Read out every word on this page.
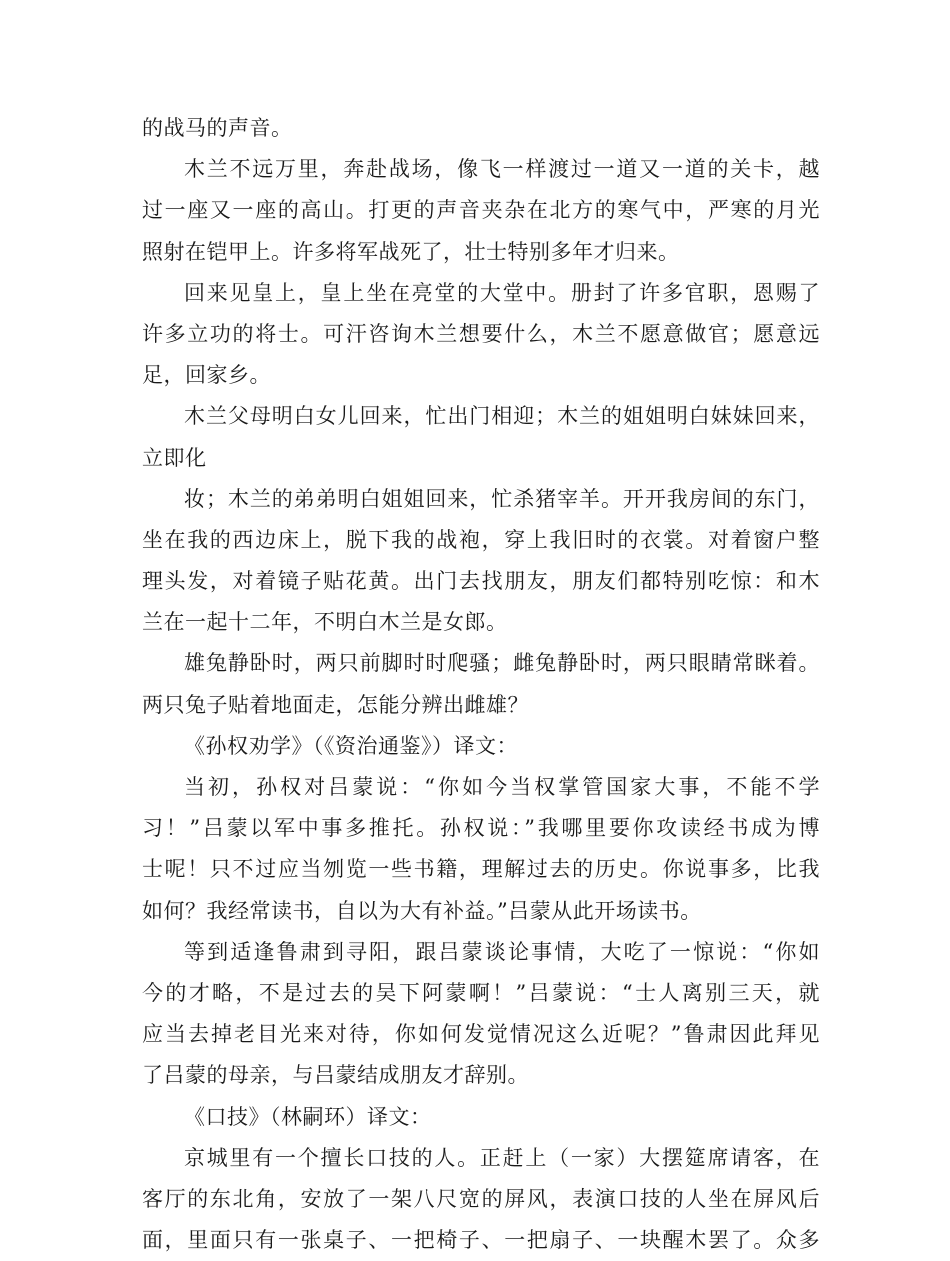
的战马的声音。
木兰不远万里，奔赴战场，像飞一样渡过一道又一道的关卡，越
过一座又一座的高山。打更的声音夹杂在北方的寒气中，严寒的月光
照射在铠甲上。许多将军战死了，壮士特别多年才归来。
回来见皇上，皇上坐在亮堂的大堂中。册封了许多官职，恩赐了
许多立功的将士。可汗咨询木兰想要什么，木兰不愿意做官；愿意远
足，回家乡。
木兰父母明白女儿回来，忙出门相迎；木兰的姐姐明白妹妹回来，
立即化
妆；木兰的弟弟明白姐姐回来，忙杀猪宰羊。开开我房间的东门，
坐在我的西边床上，脱下我的战袍，穿上我旧时的衣裳。对着窗户整
理头发，对着镜子贴花黄。出门去找朋友，朋友们都特别吃惊：和木
兰在一起十二年，不明白木兰是女郎。
雄兔静卧时，两只前脚时时爬骚；雌兔静卧时，两只眼睛常眯着。
两只兔子贴着地面走，怎能分辨出雌雄？
《孙权劝学》（《资治通鉴》）译文：
当初，孙权对吕蒙说：“你如今当权掌管国家大事，不能不学
习！”吕蒙以军中事多推托。孙权说：”我哪里要你攻读经书成为博
士呢！只不过应当刎览一些书籍，理解过去的历史。你说事多，比我
如何？我经常读书，自以为大有补益。”吕蒙从此开场读书。
等到适逢鲁肃到寻阳，跟吕蒙谈论事情，大吃了一惊说：“你如
今的才略，不是过去的吴下阿蒙啊！”吕蒙说：“士人离别三天，就
应当去掉老目光来对待，你如何发觉情况这么近呢？”鲁肃因此拜见
了吕蒙的母亲，与吕蒙结成朋友才辞别。
《口技》（林嗣环）译文：
京城里有一个擅长口技的人。正赶上（一家）大摆筵席请客，在
客厅的东北角，安放了一架八尺宽的屏风，表演口技的人坐在屏风后
面，里面只有一张桌子、一把椅子、一把扇子、一块醒木罢了。众多
